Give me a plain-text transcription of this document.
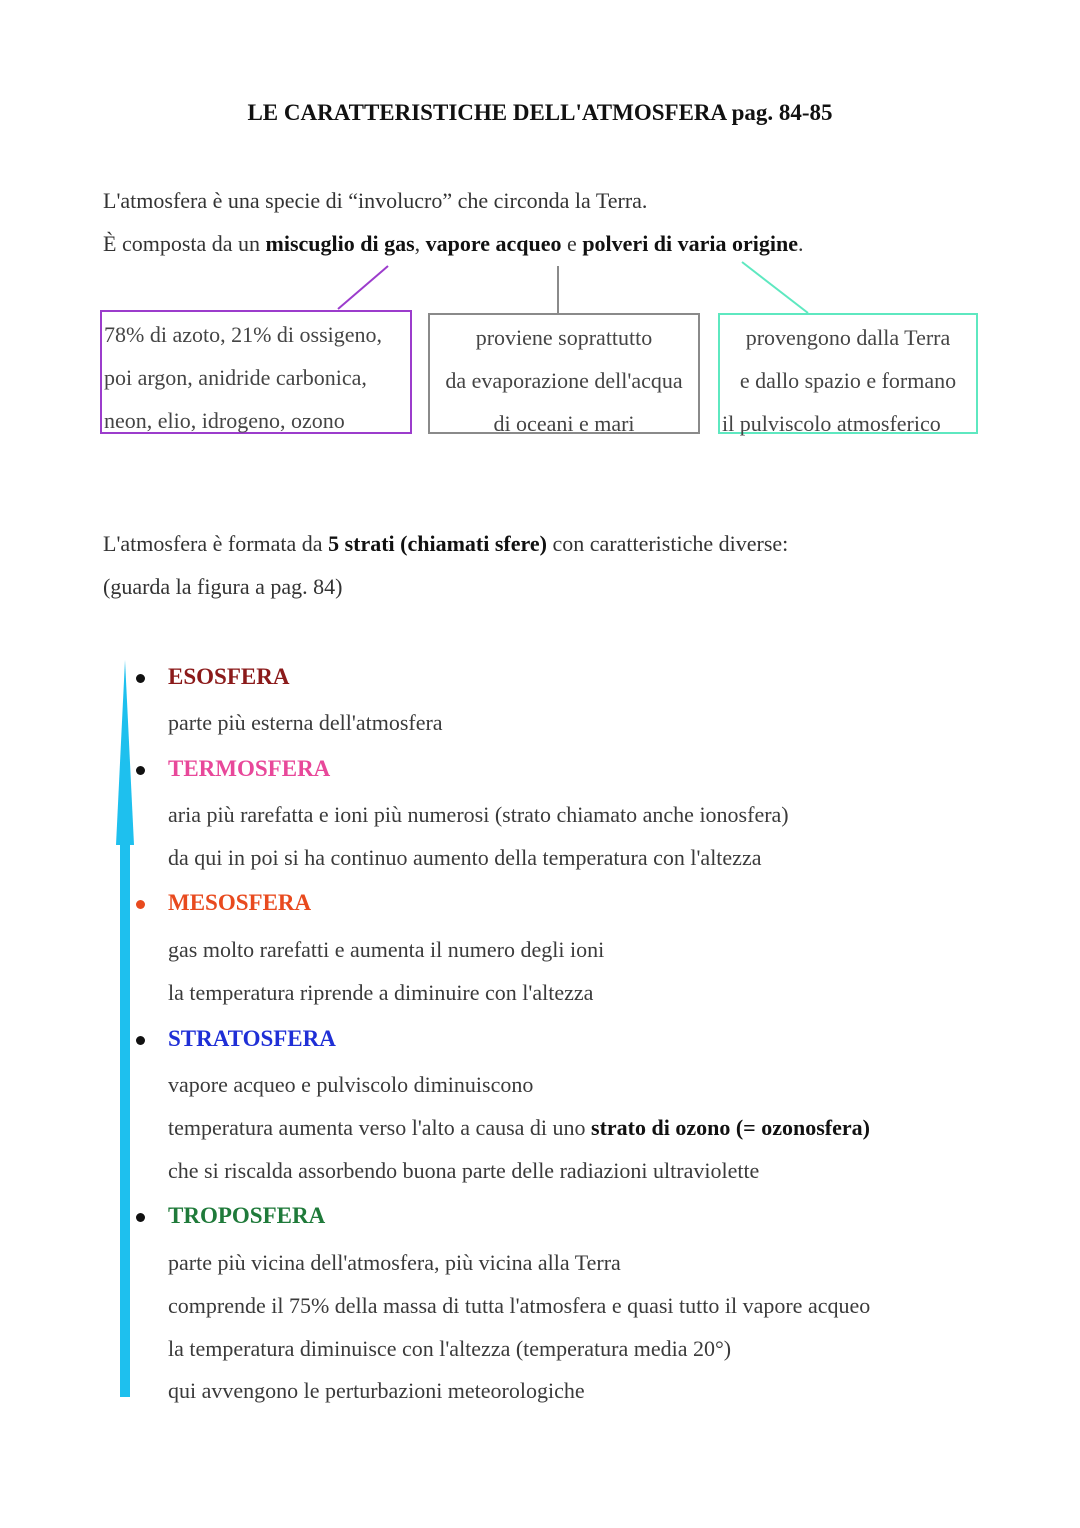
LE CARATTERISTICHE DELL'ATMOSFERA pag. 84-85
L'atmosfera è una specie di “involucro” che circonda la Terra.
È composta da un miscuglio di gas, vapore acqueo e polveri di varia origine.
78% di azoto, 21% di ossigeno,
poi argon, anidride carbonica,
neon, elio, idrogeno, ozono
proviene soprattutto
da evaporazione dell'acqua
di oceani e mari
provengono dalla Terra
e dallo spazio e formano
il pulviscolo atmosferico
L'atmosfera è formata da 5 strati (chiamati sfere) con caratteristiche diverse:
(guarda la figura a pag. 84)
ESOSFERA
parte più esterna dell'atmosfera
TERMOSFERA
aria più rarefatta e ioni più numerosi (strato chiamato anche ionosfera)
da qui in poi si ha continuo aumento della temperatura con l'altezza
MESOSFERA
gas molto rarefatti e aumenta il numero degli ioni
la temperatura riprende a diminuire con l'altezza
STRATOSFERA
vapore acqueo e pulviscolo diminuiscono
temperatura aumenta verso l'alto a causa di uno strato di ozono (= ozonosfera)
che si riscalda assorbendo buona parte delle radiazioni ultraviolette
TROPOSFERA
parte più vicina dell'atmosfera, più vicina alla Terra
comprende il 75% della massa di tutta l'atmosfera e quasi tutto il vapore acqueo
la temperatura diminuisce con l'altezza (temperatura media 20°)
qui avvengono le perturbazioni meteorologiche
